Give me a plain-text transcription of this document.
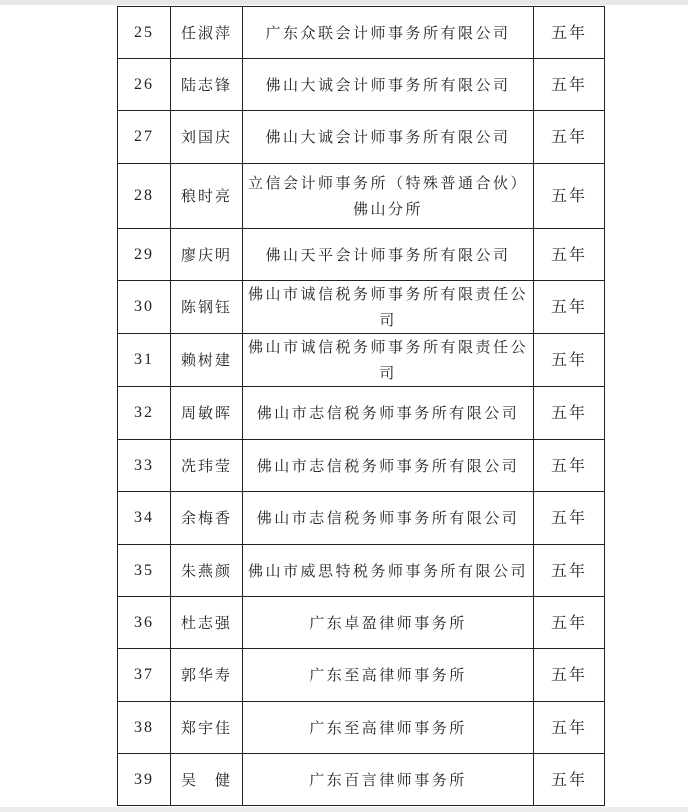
25	任淑萍	广东众联会计师事务所有限公司	五年
26	陆志锋	佛山大诚会计师事务所有限公司	五年
27	刘国庆	佛山大诚会计师事务所有限公司	五年
28	稂时亮	立信会计师事务所（特殊普通合伙）佛山分所	五年
29	廖庆明	佛山天平会计师事务所有限公司	五年
30	陈钢钰	佛山市诚信税务师事务所有限责任公司	五年
31	赖树建	佛山市诚信税务师事务所有限责任公司	五年
32	周敏晖	佛山市志信税务师事务所有限公司	五年
33	冼玮莹	佛山市志信税务师事务所有限公司	五年
34	余梅香	佛山市志信税务师事务所有限公司	五年
35	朱燕颜	佛山市威思特税务师事务所有限公司	五年
36	杜志强	广东卓盈律师事务所	五年
37	郭华寿	广东至高律师事务所	五年
38	郑宇佳	广东至高律师事务所	五年
39	吴　健	广东百言律师事务所	五年
